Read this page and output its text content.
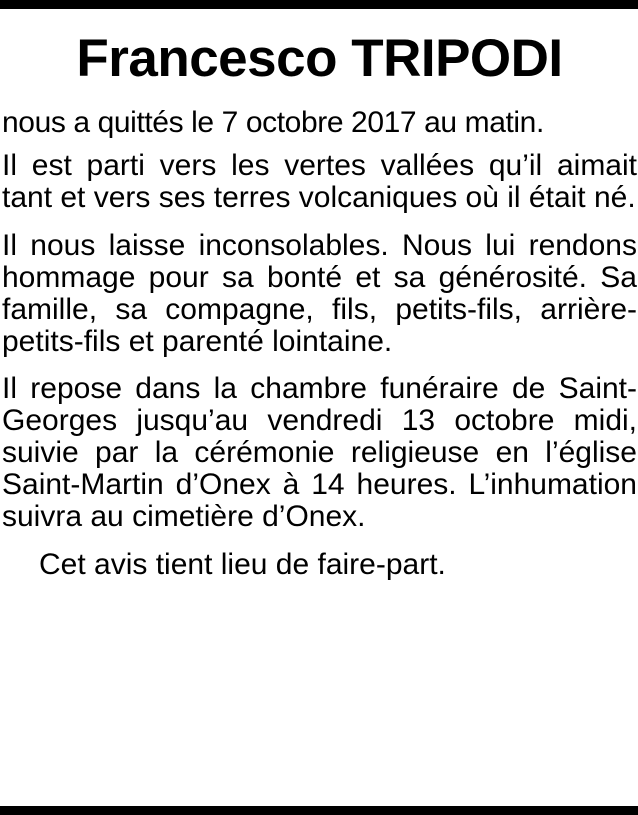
Francesco TRIPODI

nous a quittés le 7 octobre 2017 au matin.

Il est parti vers les vertes vallées qu’il aimait tant et vers ses terres volcaniques où il était né.

Il nous laisse inconsolables. Nous lui rendons hommage pour sa bonté et sa générosité. Sa famille, sa compagne, fils, petits-fils, arrière-petits-fils et parenté lointaine.

Il repose dans la chambre funéraire de Saint-Georges jusqu’au vendredi 13 octobre midi, suivie par la cérémonie religieuse en l’église Saint-Martin d’Onex à 14 heures. L’inhumation suivra au cimetière d’Onex.

Cet avis tient lieu de faire-part.
